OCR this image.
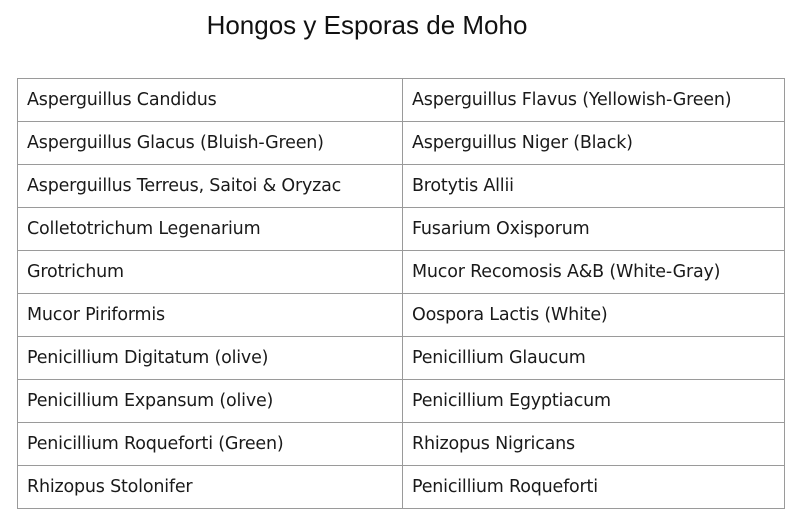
Hongos y Esporas de Moho
Asperguillus Candidus	Asperguillus Flavus (Yellowish-Green)
Asperguillus Glacus (Bluish-Green)	Asperguillus Niger (Black)
Asperguillus Terreus, Saitoi & Oryzac	Brotytis Allii
Colletotrichum Legenarium	Fusarium Oxisporum
Grotrichum	Mucor Recomosis A&B (White-Gray)
Mucor Piriformis	Oospora Lactis (White)
Penicillium Digitatum (olive)	Penicillium Glaucum
Penicillium Expansum (olive)	Penicillium Egyptiacum
Penicillium Roqueforti (Green)	Rhizopus Nigricans
Rhizopus Stolonifer	Penicillium Roqueforti
